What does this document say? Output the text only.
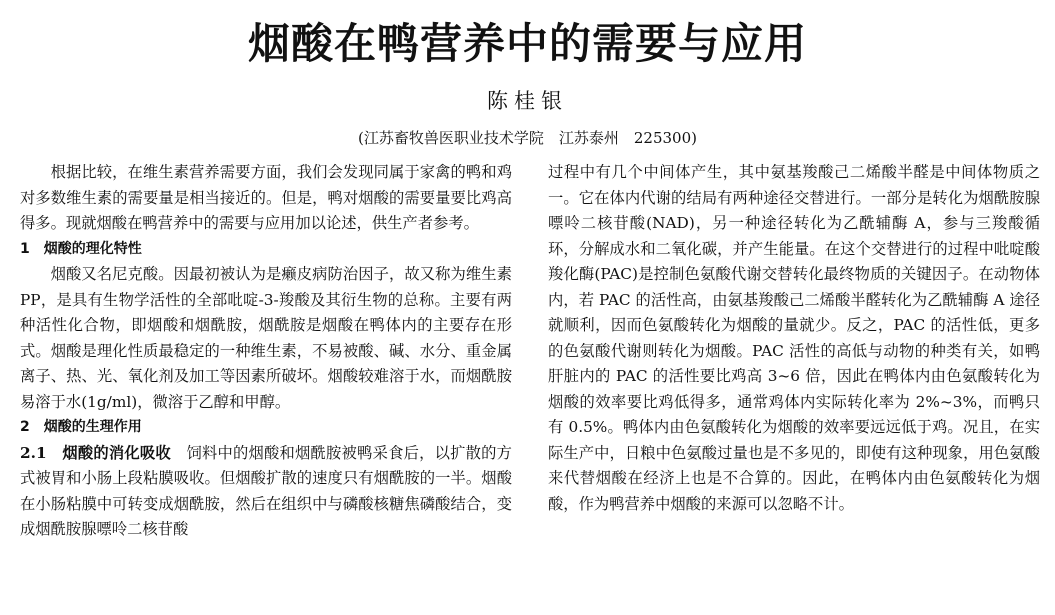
烟酸在鸭营养中的需要与应用
陈桂银
(江苏畜牧兽医职业技术学院　江苏泰州　225300)

根据比较，在维生素营养需要方面，我们会发现同属于家禽的鸭和鸡对多数维生素的需要量是相当接近的。但是，鸭对烟酸的需要量要比鸡高得多。现就烟酸在鸭营养中的需要与应用加以论述，供生产者参考。

1　烟酸的理化特性

烟酸又名尼克酸。因最初被认为是癞皮病防治因子，故又称为维生素 PP，是具有生物学活性的全部吡啶-3-羧酸及其衍生物的总称。主要有两种活性化合物，即烟酸和烟酰胺，烟酰胺是烟酸在鸭体内的主要存在形式。烟酸是理化性质最稳定的一种维生素，不易被酸、碱、水分、重金属离子、热、光、氧化剂及加工等因素所破坏。烟酸较难溶于水，而烟酰胺易溶于水(1g/ml)，微溶于乙醇和甲醇。

2　烟酸的生理作用

2.1　 烟酸的消化吸收　 饲料中的烟酸和烟酰胺被鸭采食后，以扩散的方式被胃和小肠上段粘膜吸收。但烟酸扩散的速度只有烟酰胺的一半。烟酸在小肠粘膜中可转变成烟酰胺，然后在组织中与磷酸核糖焦磷酸结合，变成烟酰胺腺嘌呤二核苷酸

过程中有几个中间体产生，其中氨基羧酸己二烯酸半醛是中间体物质之一。它在体内代谢的结局有两种途径交替进行。一部分是转化为烟酰胺腺嘌呤二核苷酸(NAD)，另一种途径转化为乙酰辅酶 A，参与三羧酸循环，分解成水和二氧化碳，并产生能量。在这个交替进行的过程中吡啶酸羧化酶(PAC)是控制色氨酸代谢交替转化最终物质的关键因子。在动物体内，若 PAC 的活性高，由氨基羧酸己二烯酸半醛转化为乙酰辅酶 A 途径就顺利，因而色氨酸转化为烟酸的量就少。反之，PAC 的活性低，更多的色氨酸代谢则转化为烟酸。PAC 活性的高低与动物的种类有关，如鸭肝脏内的 PAC 的活性要比鸡高 3~6 倍，因此在鸭体内由色氨酸转化为烟酸的效率要比鸡低得多，通常鸡体内实际转化率为 2%~3%，而鸭只有 0.5%。鸭体内由色氨酸转化为烟酸的效率要远远低于鸡。况且，在实际生产中，日粮中色氨酸过量也是不多见的，即使有这种现象，用色氨酸来代替烟酸在经济上也是不合算的。因此，在鸭体内由色氨酸转化为烟酸，作为鸭营养中烟酸的来源可以忽略不计。
